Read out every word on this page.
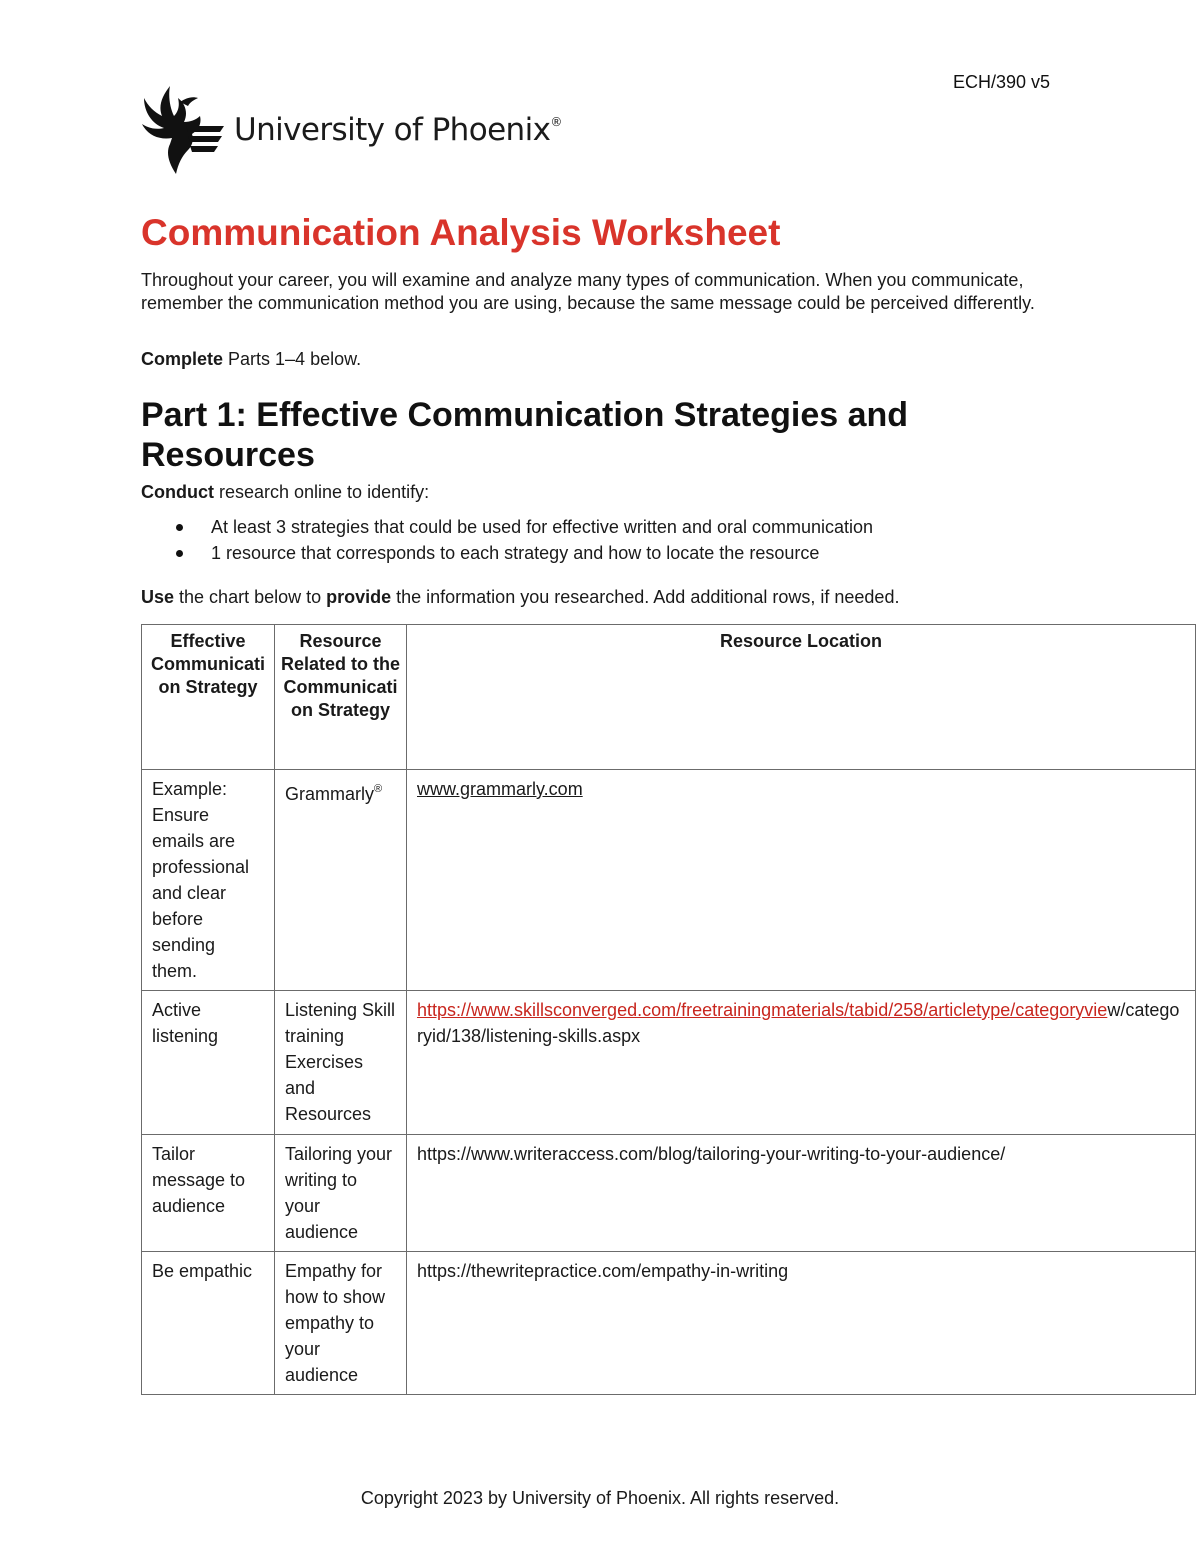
ECH/390 v5
University of Phoenix®
Communication Analysis Worksheet

Throughout your career, you will examine and analyze many types of communication. When you communicate, remember the communication method you are using, because the same message could be perceived differently.

Complete Parts 1–4 below.

Part 1: Effective Communication Strategies and Resources

Conduct research online to identify:

At least 3 strategies that could be used for effective written and oral communication
1 resource that corresponds to each strategy and how to locate the resource

Use the chart below to provide the information you researched. Add additional rows, if needed.

Effective Communication Strategy	Resource Related to the Communication Strategy	Resource Location
Example: Ensure emails are professional and clear before sending them.	Grammarly®	www.grammarly.com
Active listening	Listening Skill training Exercises and Resources	https://www.skillsconverged.com/freetrainingmaterials/tabid/258/articletype/categoryview/categoryid/138/listening-skills.aspx
Tailor message to audience	Tailoring your writing to your audience	https://www.writeraccess.com/blog/tailoring-your-writing-to-your-audience/
Be empathic	Empathy for how to show empathy to your audience	https://thewritepractice.com/empathy-in-writing
Copyright 2023 by University of Phoenix. All rights reserved.
